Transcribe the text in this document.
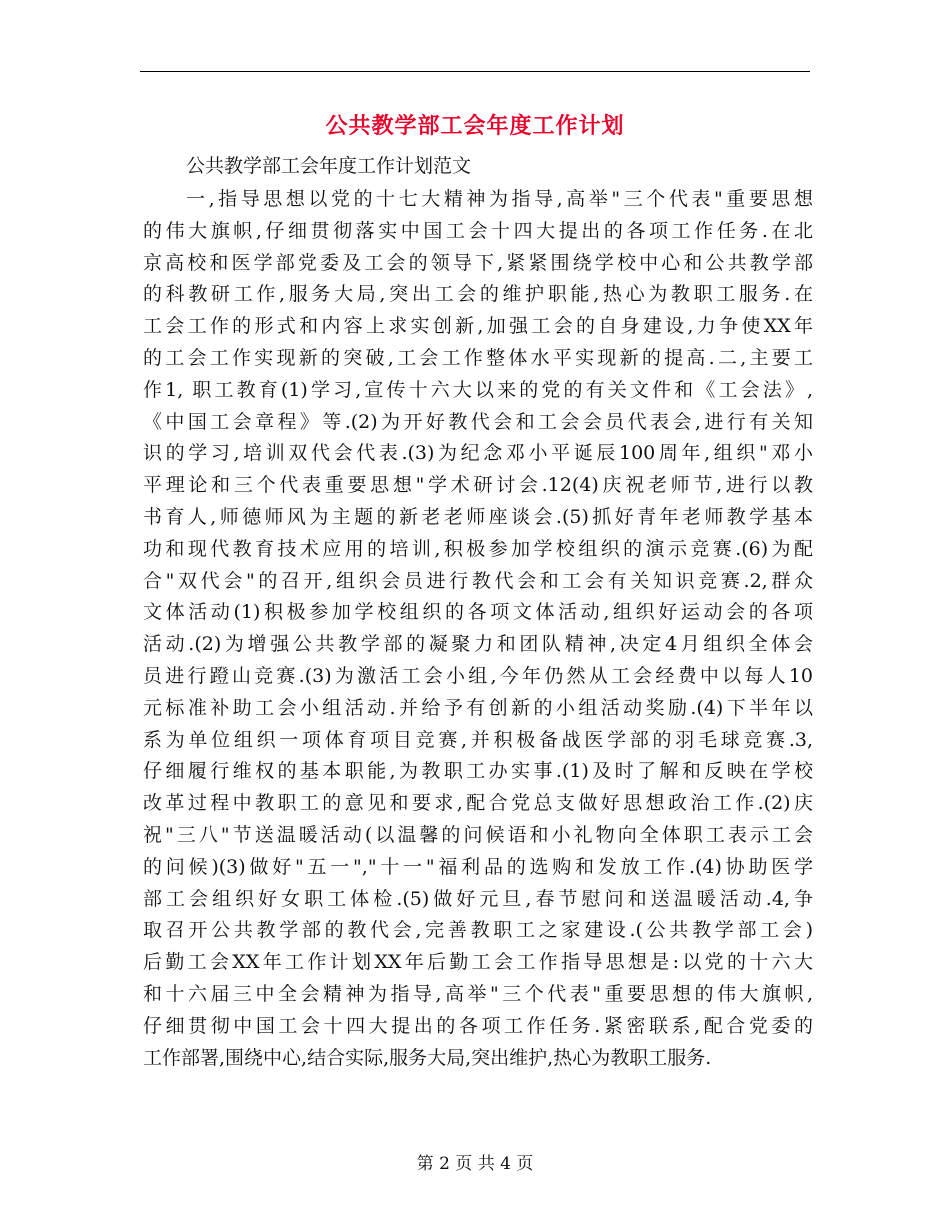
公共教学部工会年度工作计划
公共教学部工会年度工作计划范文
一,指导思想以党的十七大精神为指导,高举"三个代表"重要思想
的伟大旗帜,仔细贯彻落实中国工会十四大提出的各项工作任务.在北
京高校和医学部党委及工会的领导下,紧紧围绕学校中心和公共教学部
的科教研工作,服务大局,突出工会的维护职能,热心为教职工服务.在
工会工作的形式和内容上求实创新,加强工会的自身建设,力争使XX年
的工会工作实现新的突破,工会工作整体水平实现新的提高.二,主要工
作1, 职工教育(1)学习,宣传十六大以来的党的有关文件和《工会法》,
《中国工会章程》等.(2)为开好教代会和工会会员代表会,进行有关知
识的学习,培训双代会代表.(3)为纪念邓小平诞辰100周年,组织"邓小
平理论和三个代表重要思想"学术研讨会.12(4)庆祝老师节,进行以教
书育人,师德师风为主题的新老老师座谈会.(5)抓好青年老师教学基本
功和现代教育技术应用的培训,积极参加学校组织的演示竞赛.(6)为配
合"双代会"的召开,组织会员进行教代会和工会有关知识竞赛.2,群众
文体活动(1)积极参加学校组织的各项文体活动,组织好运动会的各项
活动.(2)为增强公共教学部的凝聚力和团队精神,决定4月组织全体会
员进行蹬山竞赛.(3)为激活工会小组,今年仍然从工会经费中以每人10
元标准补助工会小组活动.并给予有创新的小组活动奖励.(4)下半年以
系为单位组织一项体育项目竞赛,并积极备战医学部的羽毛球竞赛.3,
仔细履行维权的基本职能,为教职工办实事.(1)及时了解和反映在学校
改革过程中教职工的意见和要求,配合党总支做好思想政治工作.(2)庆
祝"三八"节送温暖活动(以温馨的问候语和小礼物向全体职工表示工会
的问候)(3)做好"五一","十一"福利品的选购和发放工作.(4)协助医学
部工会组织好女职工体检.(5)做好元旦,春节慰问和送温暖活动.4,争
取召开公共教学部的教代会,完善教职工之家建设.(公共教学部工会)
后勤工会XX年工作计划XX年后勤工会工作指导思想是:以党的十六大
和十六届三中全会精神为指导,高举"三个代表"重要思想的伟大旗帜,
仔细贯彻中国工会十四大提出的各项工作任务.紧密联系,配合党委的
工作部署,围绕中心,结合实际,服务大局,突出维护,热心为教职工服务.
第 2 页 共 4 页
